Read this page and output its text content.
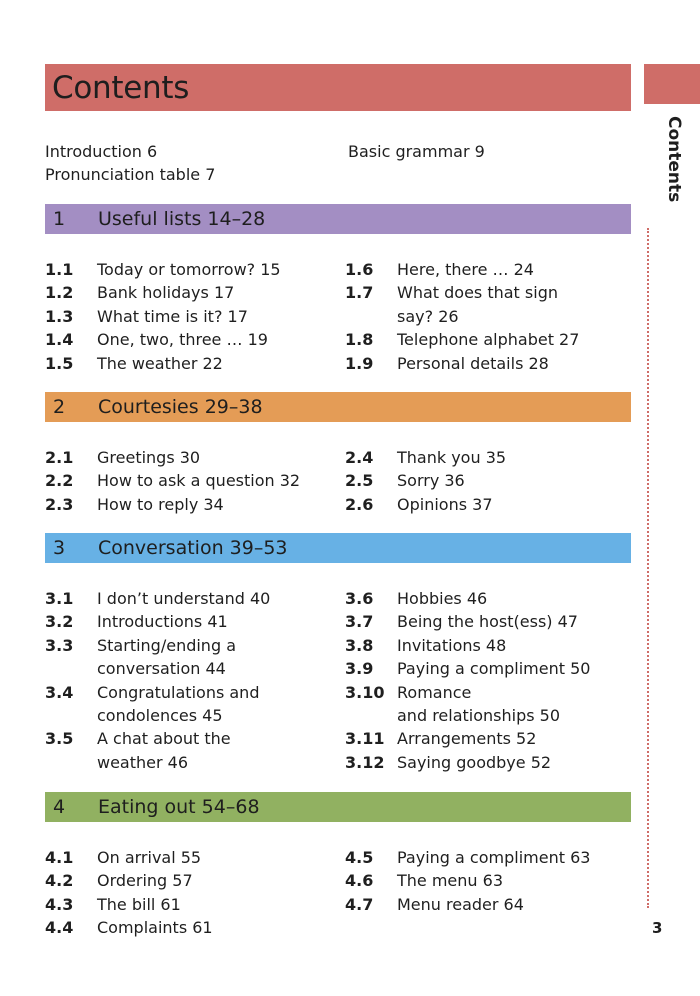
Contents
Contents
3
Introduction 6
Pronunciation table 7
Basic grammar 9
1 Useful lists 14–28
1.1 Today or tomorrow? 15
1.2 Bank holidays 17
1.3 What time is it? 17
1.4 One, two, three … 19
1.5 The weather 22
1.6 Here, there … 24
1.7 What does that sign
say? 26
1.8 Telephone alphabet 27
1.9 Personal details 28
2 Courtesies 29–38
2.1 Greetings 30
2.2 How to ask a question 32
2.3 How to reply 34
2.4 Thank you 35
2.5 Sorry 36
2.6 Opinions 37
3 Conversation 39–53
3.1 I don’t understand 40
3.2 Introductions 41
3.3 Starting/ending a
conversation 44
3.4 Congratulations and
condolences 45
3.5 A chat about the
weather 46
3.6 Hobbies 46
3.7 Being the host(ess) 47
3.8 Invitations 48
3.9 Paying a compliment 50
3.10 Romance
and relationships 50
3.11 Arrangements 52
3.12 Saying goodbye 52
4 Eating out 54–68
4.1 On arrival 55
4.2 Ordering 57
4.3 The bill 61
4.4 Complaints 61
4.5 Paying a compliment 63
4.6 The menu 63
4.7 Menu reader 64
